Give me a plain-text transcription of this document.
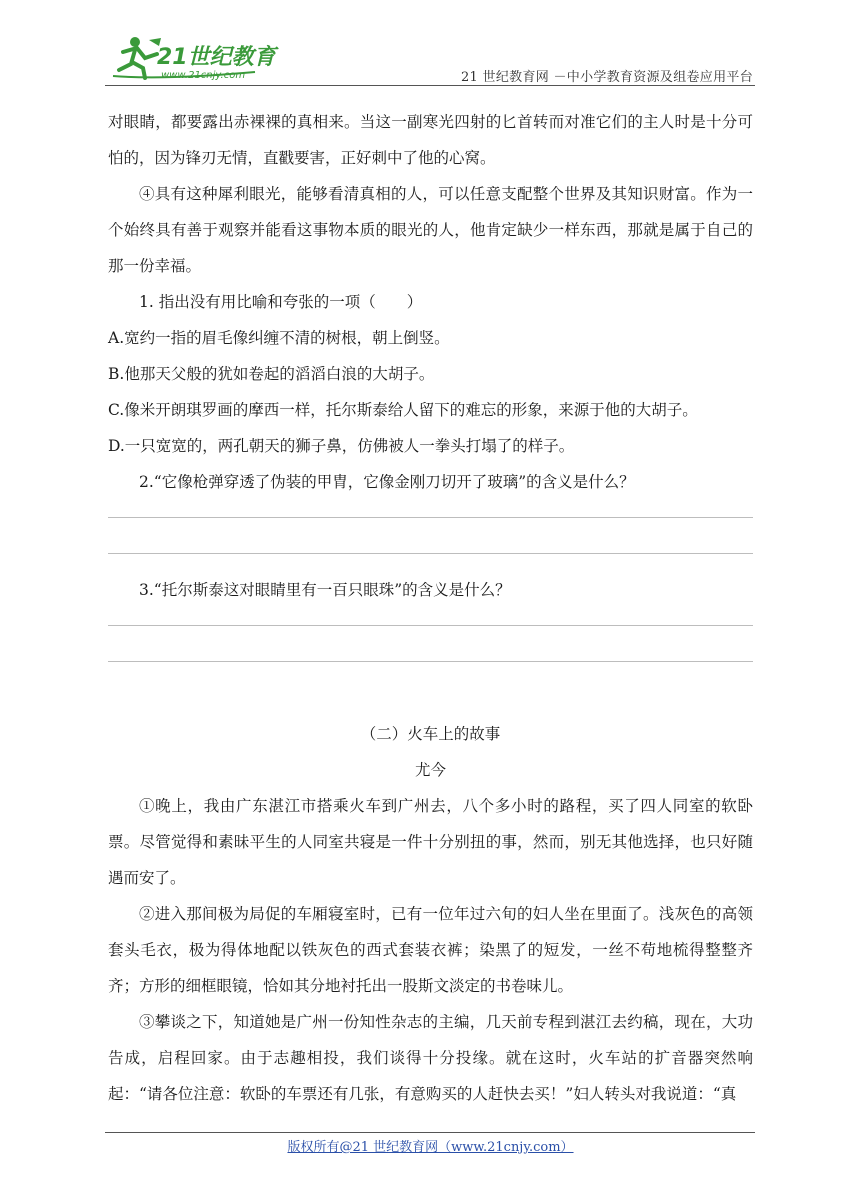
21世纪教育
www.21cnjy.com	21 世纪教育网 －中小学教育资源及组卷应用平台

对眼睛，都要露出赤裸裸的真相来。当这一副寒光四射的匕首转而对准它们的主人时是十分可怕的，因为锋刃无情，直戳要害，正好刺中了他的心窝。

④具有这种犀利眼光，能够看清真相的人，可以任意支配整个世界及其知识财富。作为一个始终具有善于观察并能看这事物本质的眼光的人，他肯定缺少一样东西，那就是属于自己的那一份幸福。

1. 指出没有用比喻和夸张的一项（　　）

A.宽约一指的眉毛像纠缠不清的树根，朝上倒竖。

B.他那天父般的犹如卷起的滔滔白浪的大胡子。

C.像米开朗琪罗画的摩西一样，托尔斯泰给人留下的难忘的形象，来源于他的大胡子。

D.一只宽宽的，两孔朝天的狮子鼻，仿佛被人一拳头打塌了的样子。

2.“它像枪弹穿透了伪装的甲胄，它像金刚刀切开了玻璃”的含义是什么？

3.“托尔斯泰这对眼睛里有一百只眼珠”的含义是什么？

（二）火车上的故事

尤今

①晚上，我由广东湛江市搭乘火车到广州去，八个多小时的路程，买了四人同室的软卧票。尽管觉得和素昧平生的人同室共寝是一件十分别扭的事，然而，别无其他选择，也只好随遇而安了。

②进入那间极为局促的车厢寝室时，已有一位年过六旬的妇人坐在里面了。浅灰色的高领套头毛衣，极为得体地配以铁灰色的西式套装衣裤；染黑了的短发，一丝不苟地梳得整整齐齐；方形的细框眼镜，恰如其分地衬托出一股斯文淡定的书卷味儿。

③攀谈之下，知道她是广州一份知性杂志的主编，几天前专程到湛江去约稿，现在，大功告成，启程回家。由于志趣相投，我们谈得十分投缘。就在这时，火车站的扩音器突然响起：“请各位注意：软卧的车票还有几张，有意购买的人赶快去买！”妇人转头对我说道：“真

版权所有@21 世纪教育网（www.21cnjy.com）
